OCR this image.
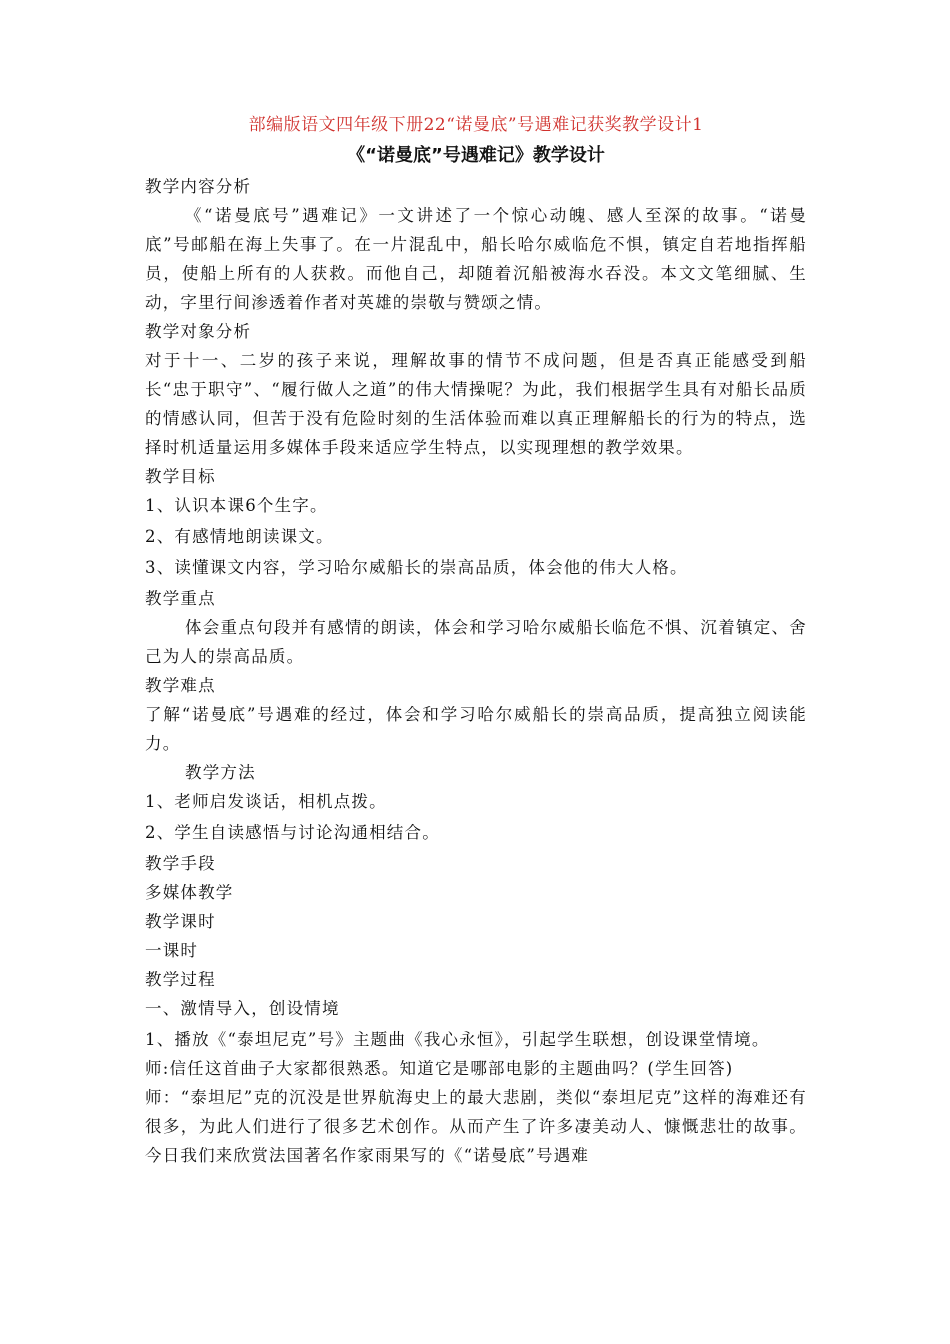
部编版语文四年级下册22“诺曼底”号遇难记获奖教学设计1
《“诺曼底”号遇难记》教学设计
教学内容分析
《“诺曼底号”遇难记》一文讲述了一个惊心动魄、感人至深的故事。“诺曼底”号邮船在海上失事了。在一片混乱中，船长哈尔威临危不惧，镇定自若地指挥船员，使船上所有的人获救。而他自己，却随着沉船被海水吞没。本文文笔细腻、生动，字里行间渗透着作者对英雄的崇敬与赞颂之情。
教学对象分析
对于十一、二岁的孩子来说，理解故事的情节不成问题，但是否真正能感受到船长“忠于职守”、“履行做人之道”的伟大情操呢？为此，我们根据学生具有对船长品质的情感认同，但苦于没有危险时刻的生活体验而难以真正理解船长的行为的特点，选择时机适量运用多媒体手段来适应学生特点，以实现理想的教学效果。
教学目标
1、认识本课6个生字。
2、有感情地朗读课文。
3、读懂课文内容，学习哈尔威船长的崇高品质，体会他的伟大人格。
教学重点
体会重点句段并有感情的朗读，体会和学习哈尔威船长临危不惧、沉着镇定、舍己为人的崇高品质。
教学难点
了解“诺曼底”号遇难的经过，体会和学习哈尔威船长的崇高品质，提高独立阅读能力。
教学方法
1、老师启发谈话，相机点拨。
2、学生自读感悟与讨论沟通相结合。
教学手段
多媒体教学
教学课时
一课时
教学过程
一、激情导入，创设情境
1、播放《“泰坦尼克”号》主题曲《我心永恒》，引起学生联想，创设课堂情境。
师:信任这首曲子大家都很熟悉。知道它是哪部电影的主题曲吗？(学生回答)
师：“泰坦尼”克的沉没是世界航海史上的最大悲剧，类似“泰坦尼克”这样的海难还有很多，为此人们进行了很多艺术创作。从而产生了许多凄美动人、慷慨悲壮的故事。今日我们来欣赏法国著名作家雨果写的《“诺曼底”号遇难
